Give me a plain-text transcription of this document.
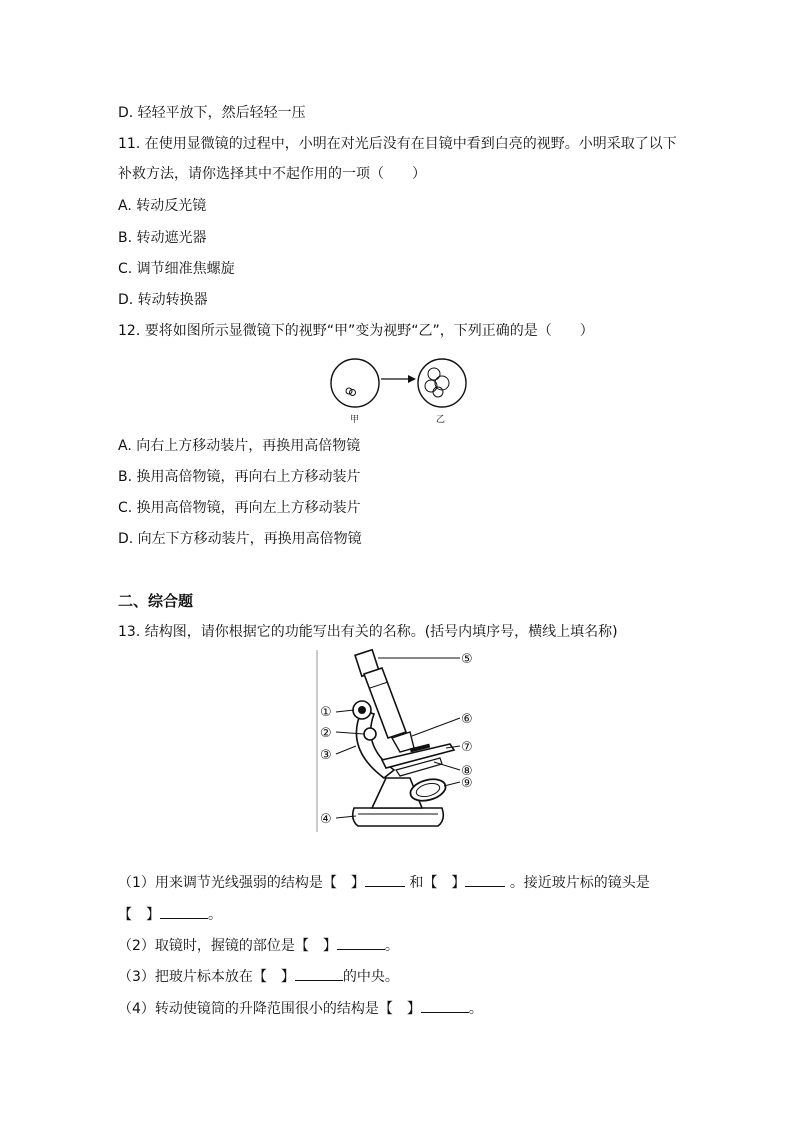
D. 轻轻平放下，然后轻轻一压
11. 在使用显微镜的过程中，小明在对光后没有在目镜中看到白亮的视野。小明采取了以下
补救方法，请你选择其中不起作用的一项（　　）
A. 转动反光镜
B. 转动遮光器
C. 调节细准焦螺旋
D. 转动转换器
12. 要将如图所示显微镜下的视野“甲”变为视野“乙”，下列正确的是（　　）
甲	乙
A. 向右上方移动装片，再换用高倍物镜
B. 换用高倍物镜，再向右上方移动装片
C. 换用高倍物镜，再向左上方移动装片
D. 向左下方移动装片，再换用高倍物镜
二、综合题
13. 结构图，请你根据它的功能写出有关的名称。(括号内填序号，横线上填名称)
①
②
③
④
⑤
⑥
⑦
⑧
⑨
（1）用来调节光线强弱的结构是【　】	和【　】	。接近玻片标的镜头是
【　】	。
（2）取镜时，握镜的部位是【　】	。
（3）把玻片标本放在【　】	的中央。
（4）转动使镜筒的升降范围很小的结构是【　】	。
